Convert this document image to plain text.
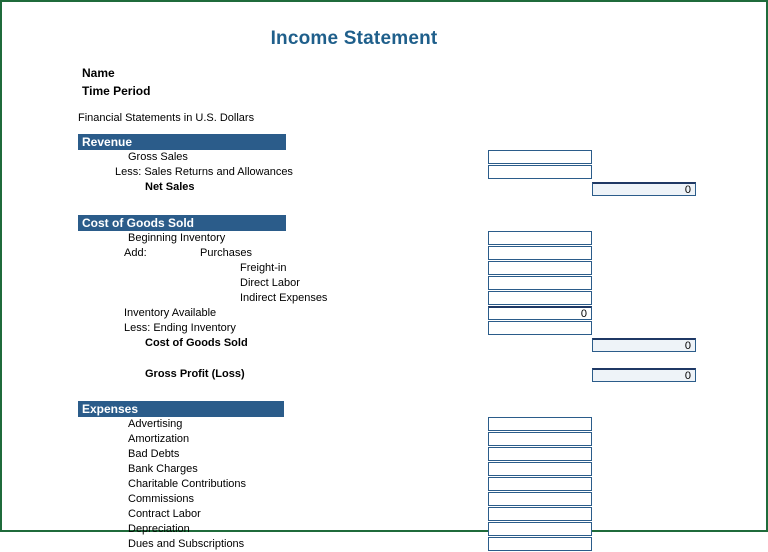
Income Statement
Name
Time Period
Financial Statements in U.S. Dollars
Revenue
Gross Sales
Less: Sales Returns and Allowances
Net Sales	0
Cost of Goods Sold
Beginning Inventory
Add:	Purchases
Freight-in
Direct Labor
Indirect Expenses
Inventory Available	0
Less: Ending Inventory
Cost of Goods Sold	0
Gross Profit (Loss)	0
Expenses
Advertising
Amortization
Bad Debts
Bank Charges
Charitable Contributions
Commissions
Contract Labor
Depreciation
Dues and Subscriptions
